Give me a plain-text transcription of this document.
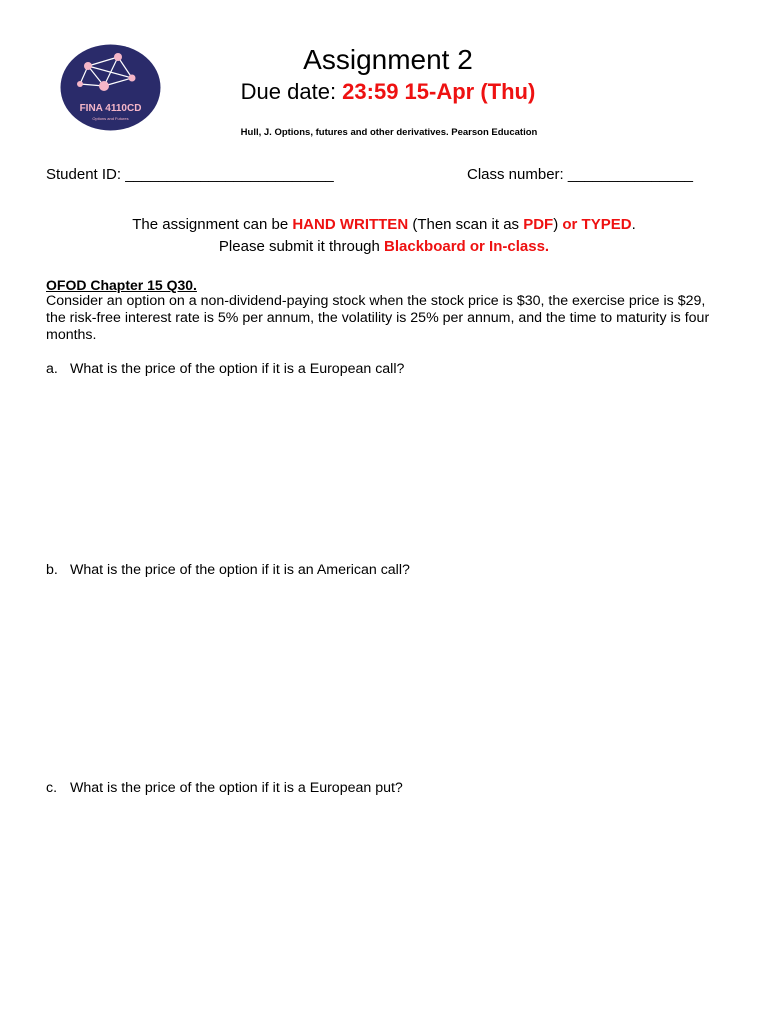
FINA 4110CD
Options and Futures
Assignment 2
Due date: 23:59 15-Apr (Thu)
Hull, J. Options, futures and other derivatives. Pearson Education
Student ID: _________________________	Class number: _______________
The assignment can be HAND WRITTEN (Then scan it as PDF) or TYPED.
Please submit it through Blackboard or In-class.
OFOD Chapter 15 Q30.
Consider an option on a non-dividend-paying stock when the stock price is $30, the exercise price is $29, the risk-free interest rate is 5% per annum, the volatility is 25% per annum, and the time to maturity is four months.
a. What is the price of the option if it is a European call?
b. What is the price of the option if it is an American call?
c. What is the price of the option if it is a European put?
